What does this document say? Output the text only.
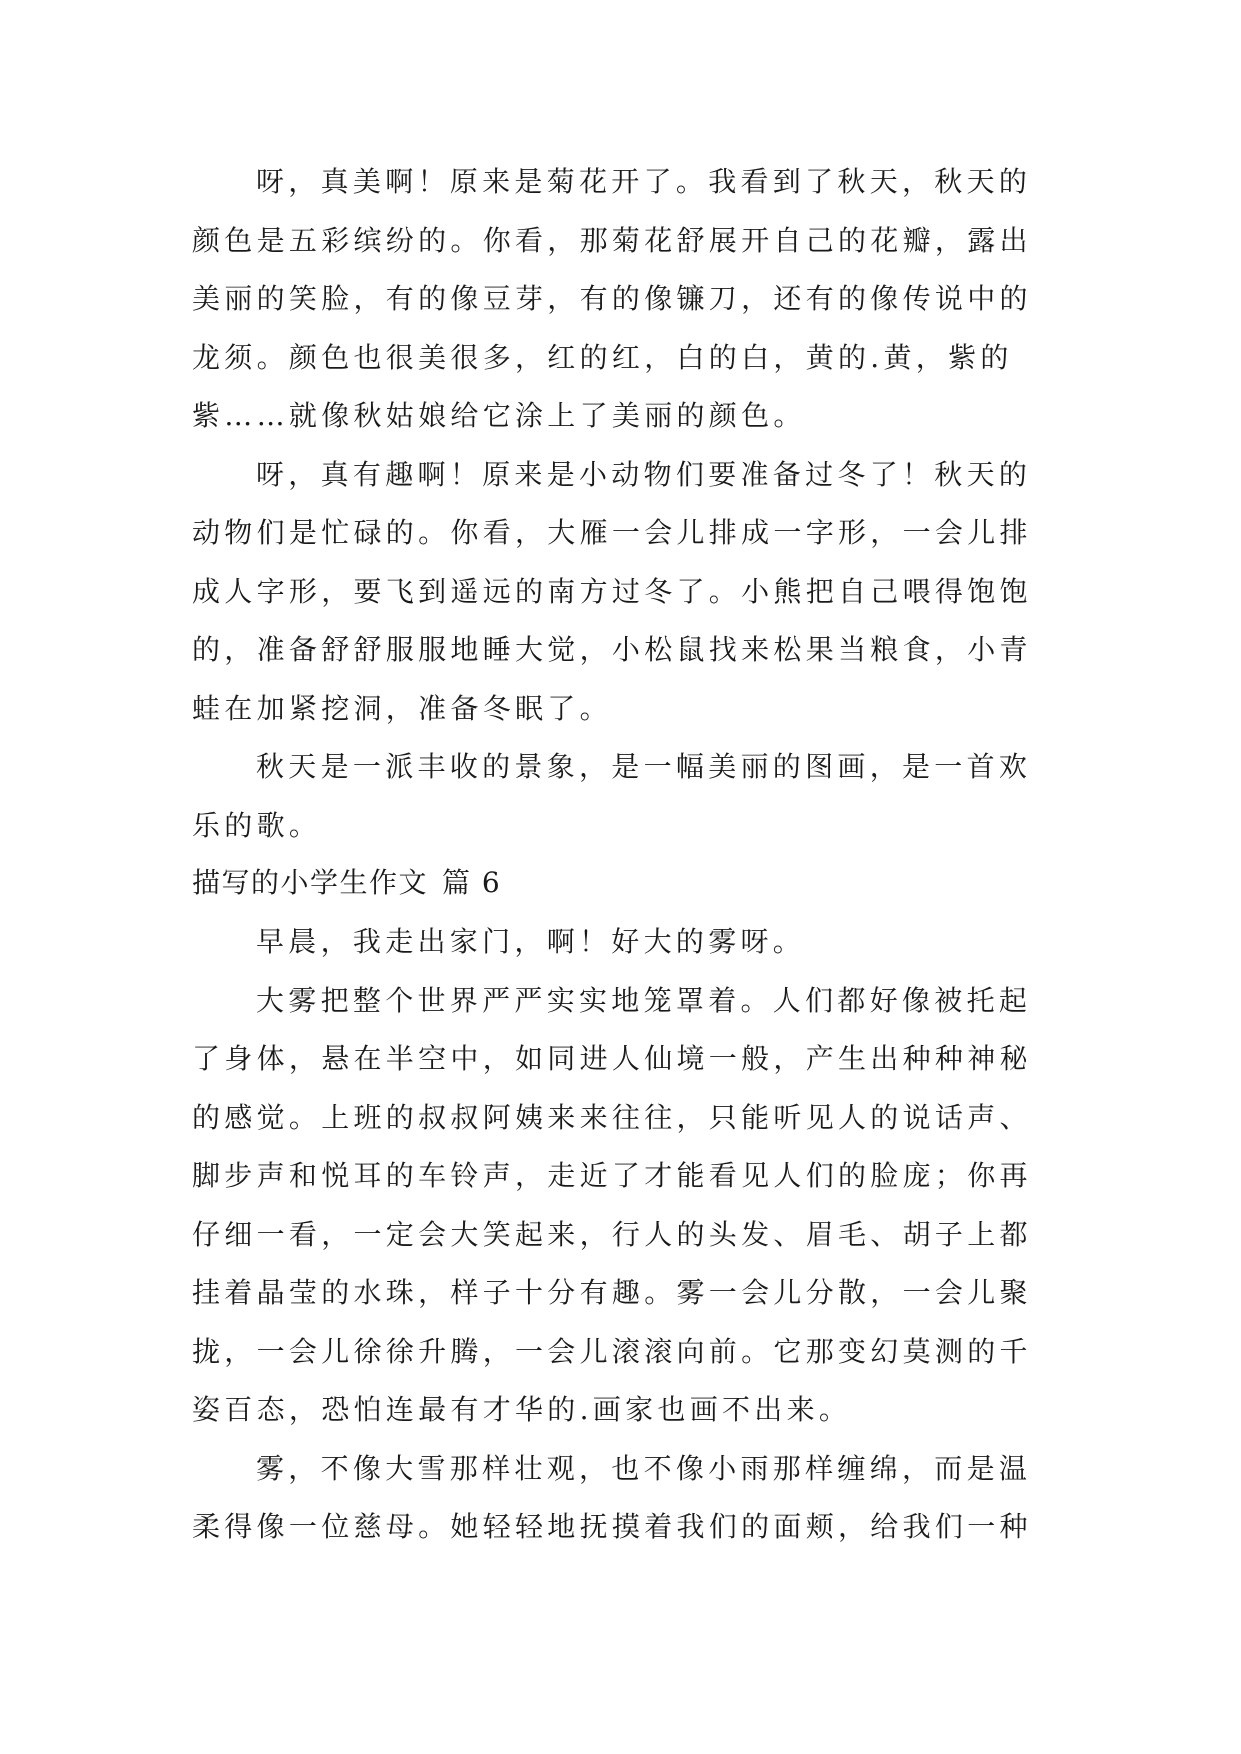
呀，真美啊！原来是菊花开了。我看到了秋天，秋天的
颜色是五彩缤纷的。你看，那菊花舒展开自己的花瓣，露出
美丽的笑脸，有的像豆芽，有的像镰刀，还有的像传说中的
龙须。颜色也很美很多，红的红，白的白，黄的.黄，紫的
紫……就像秋姑娘给它涂上了美丽的颜色。
呀，真有趣啊！原来是小动物们要准备过冬了！秋天的
动物们是忙碌的。你看，大雁一会儿排成一字形，一会儿排
成人字形，要飞到遥远的南方过冬了。小熊把自己喂得饱饱
的，准备舒舒服服地睡大觉，小松鼠找来松果当粮食，小青
蛙在加紧挖洞，准备冬眠了。
秋天是一派丰收的景象，是一幅美丽的图画，是一首欢
乐的歌。
描写的小学生作文 篇 6
早晨，我走出家门，啊！好大的雾呀。
大雾把整个世界严严实实地笼罩着。人们都好像被托起
了身体，悬在半空中，如同进人仙境一般，产生出种种神秘
的感觉。上班的叔叔阿姨来来往往，只能听见人的说话声、
脚步声和悦耳的车铃声，走近了才能看见人们的脸庞；你再
仔细一看，一定会大笑起来，行人的头发、眉毛、胡子上都
挂着晶莹的水珠，样子十分有趣。雾一会儿分散，一会儿聚
拢，一会儿徐徐升腾，一会儿滚滚向前。它那变幻莫测的千
姿百态，恐怕连最有才华的.画家也画不出来。
雾，不像大雪那样壮观，也不像小雨那样缠绵，而是温
柔得像一位慈母。她轻轻地抚摸着我们的面颊，给我们一种
